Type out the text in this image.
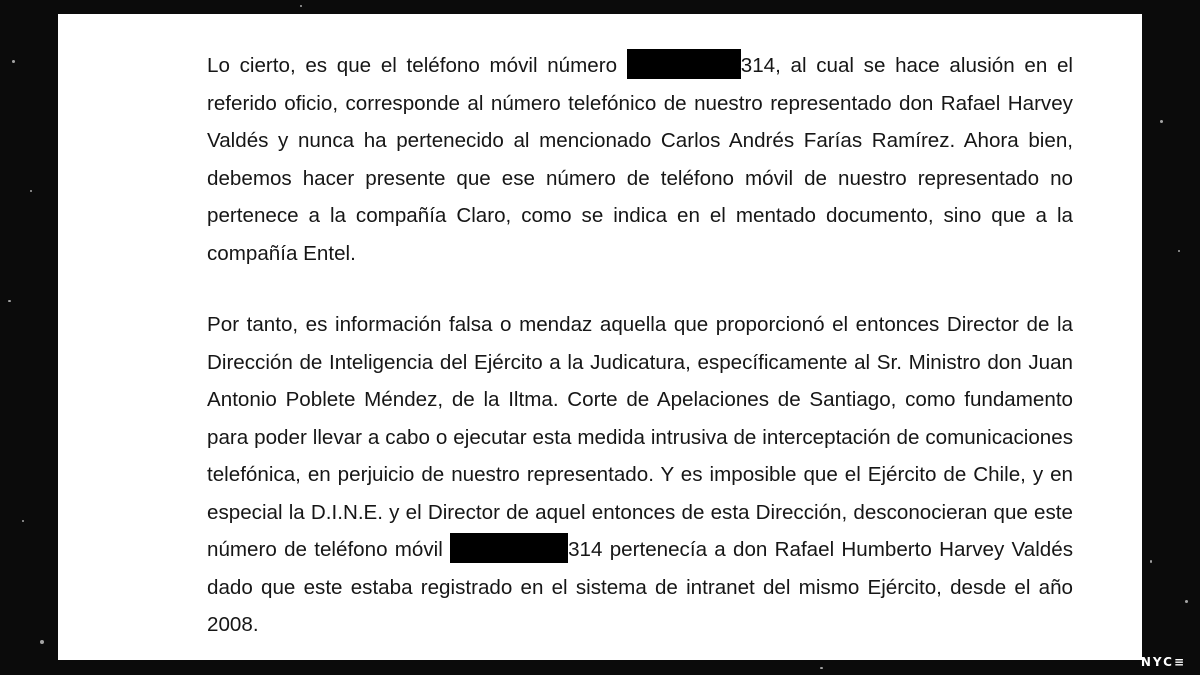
Lo cierto, es que el teléfono móvil número	314, al cual se hace alusión en el referido oficio, corresponde al número telefónico de nuestro representado don Rafael Harvey Valdés y nunca ha pertenecido al mencionado Carlos Andrés Farías Ramírez. Ahora bien, debemos hacer presente que ese número de teléfono móvil de nuestro representado no pertenece a la compañía Claro, como se indica en el mentado documento, sino que a la compañía Entel.

Por tanto, es información falsa o mendaz aquella que proporcionó el entonces Director de la Dirección de Inteligencia del Ejército a la Judicatura, específicamente al Sr. Ministro don Juan Antonio Poblete Méndez, de la Iltma. Corte de Apelaciones de Santiago, como fundamento para poder llevar a cabo o ejecutar esta medida intrusiva de interceptación de comunicaciones telefónica, en perjuicio de nuestro representado. Y es imposible que el Ejército de Chile, y en especial la D.I.N.E. y el Director de aquel entonces de esta Dirección, desconocieran que este número de teléfono móvil	314 pertenecía a don Rafael Humberto Harvey Valdés dado que este estaba registrado en el sistema de intranet del mismo Ejército, desde el año 2008.

NYC≡
